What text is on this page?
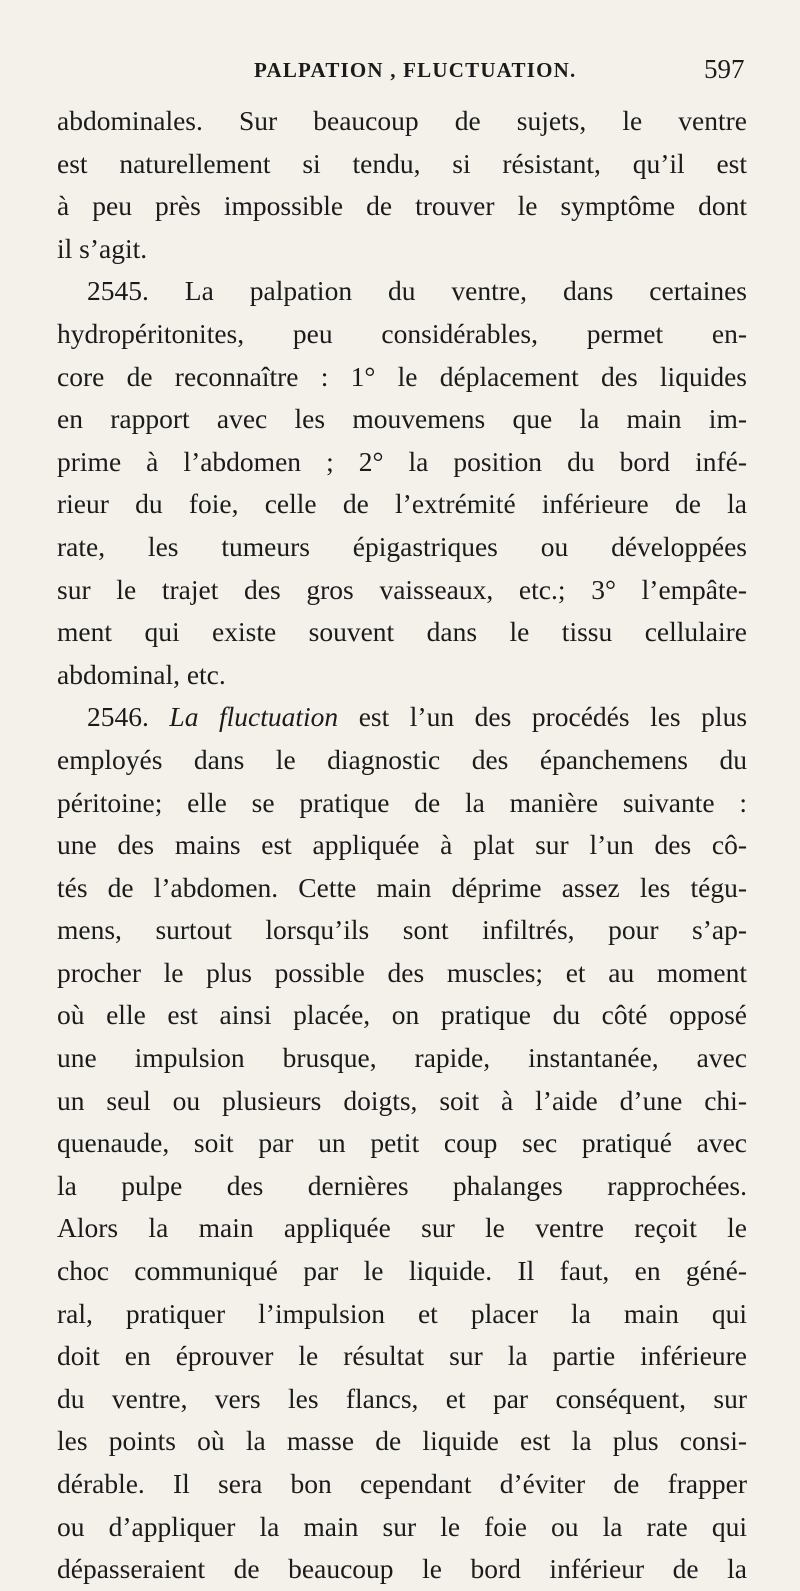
PALPATION , FLUCTUATION.	597
abdominales. Sur beaucoup de sujets, le ventre
est naturellement si tendu, si résistant, qu’il est
à peu près impossible de trouver le symptôme dont
il s’agit.
2545. La palpation du ventre, dans certaines
hydropéritonites, peu considérables, permet en-
core de reconnaître : 1° le déplacement des liquides
en rapport avec les mouvemens que la main im-
prime à l’abdomen ; 2° la position du bord infé-
rieur du foie, celle de l’extrémité inférieure de la
rate, les tumeurs épigastriques ou développées
sur le trajet des gros vaisseaux, etc.; 3° l’empâte-
ment qui existe souvent dans le tissu cellulaire
abdominal, etc.
2546. La fluctuation est l’un des procédés les plus
employés dans le diagnostic des épanchemens du
péritoine; elle se pratique de la manière suivante :
une des mains est appliquée à plat sur l’un des cô-
tés de l’abdomen. Cette main déprime assez les tégu-
mens, surtout lorsqu’ils sont infiltrés, pour s’ap-
procher le plus possible des muscles; et au moment
où elle est ainsi placée, on pratique du côté opposé
une impulsion brusque, rapide, instantanée, avec
un seul ou plusieurs doigts, soit à l’aide d’une chi-
quenaude, soit par un petit coup sec pratiqué avec
la pulpe des dernières phalanges rapprochées.
Alors la main appliquée sur le ventre reçoit le
choc communiqué par le liquide. Il faut, en géné-
ral, pratiquer l’impulsion et placer la main qui
doit en éprouver le résultat sur la partie inférieure
du ventre, vers les flancs, et par conséquent, sur
les points où la masse de liquide est la plus consi-
dérable. Il sera bon cependant d’éviter de frapper
ou d’appliquer la main sur le foie ou la rate qui
dépasseraient de beaucoup le bord inférieur de la
